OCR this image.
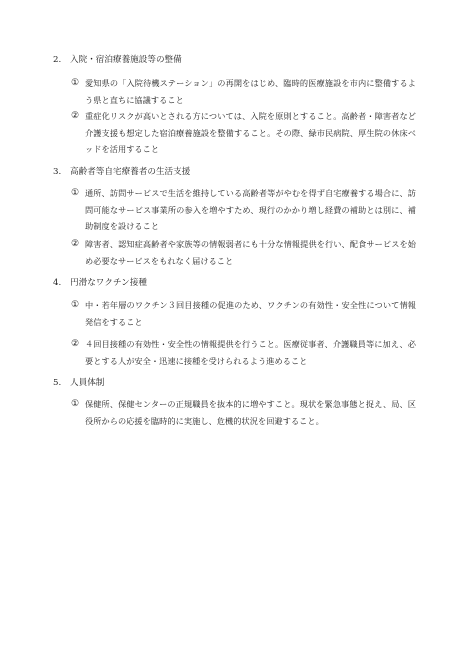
2. 入院・宿泊療養施設等の整備
① 愛知県の「入院待機ステーション」の再開をはじめ、臨時的医療施設を市内に整備するよう県と直ちに協議すること
② 重症化リスクが高いとされる方については、入院を原則とすること。高齢者・障害者など介護支援も想定した宿泊療養施設を整備すること。その際、緑市民病院、厚生院の休床ベッドを活用すること
3. 高齢者等自宅療養者の生活支援
① 通所、訪問サービスで生活を維持している高齢者等がやむを得ず自宅療養する場合に、訪問可能なサービス事業所の参入を増やすため、現行のかかり増し経費の補助とは別に、補助制度を設けること
② 障害者、認知症高齢者や家族等の情報弱者にも十分な情報提供を行い、配食サービスを始め必要なサービスをもれなく届けること
4. 円滑なワクチン接種
① 中・若年層のワクチン３回目接種の促進のため、ワクチンの有効性・安全性について情報発信をすること
② ４回目接種の有効性・安全性の情報提供を行うこと。医療従事者、介護職員等に加え、必要とする人が安全・迅速に接種を受けられるよう進めること
5. 人員体制
① 保健所、保健センターの正規職員を抜本的に増やすこと。現状を緊急事態と捉え、局、区役所からの応援を臨時的に実施し、危機的状況を回避すること。
